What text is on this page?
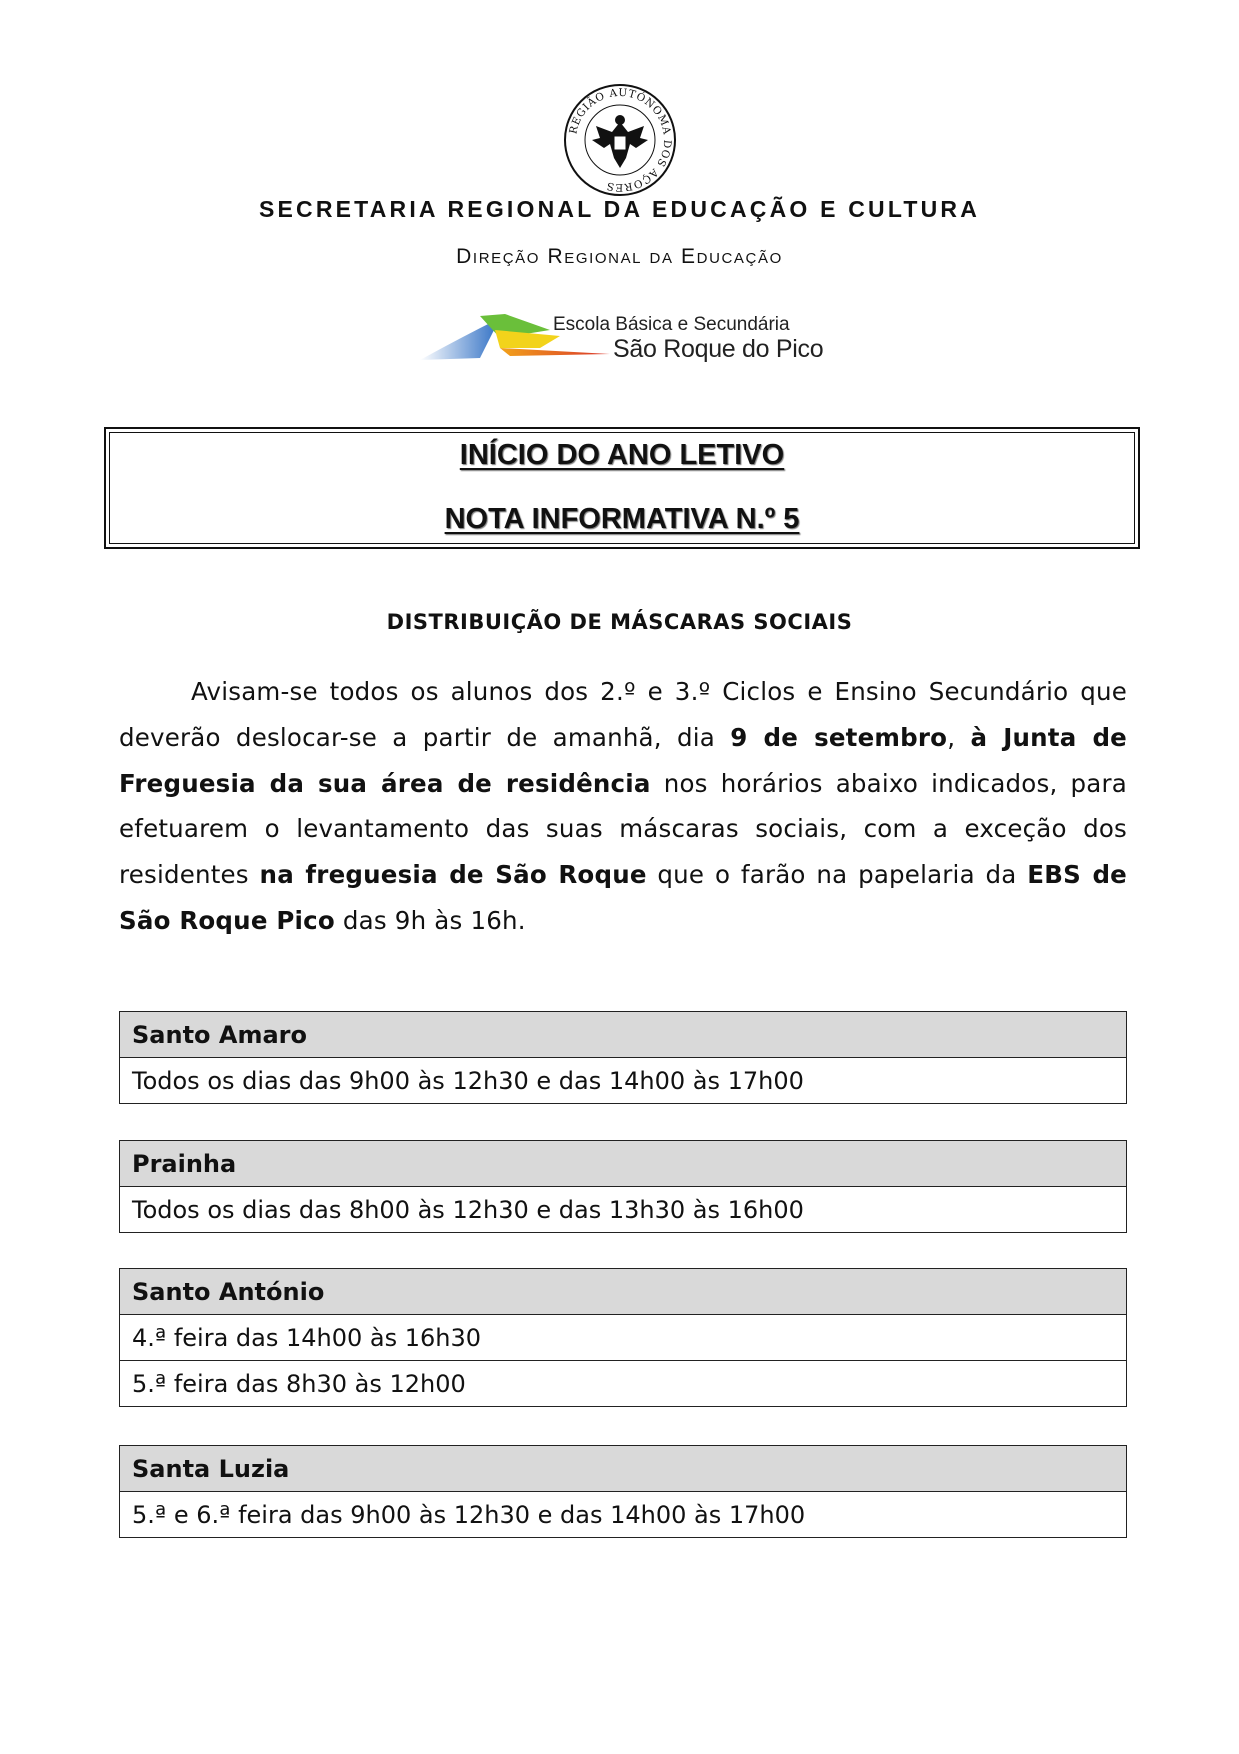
REGIÃO AUTÓNOMA DOS AÇORES
SECRETARIA REGIONAL DA EDUCAÇÃO E CULTURA
Direção Regional da Educação
Escola Básica e Secundária
São Roque do Pico
INÍCIO DO ANO LETIVO
NOTA INFORMATIVA N.º 5
DISTRIBUIÇÃO DE MÁSCARAS SOCIAIS

Avisam-se todos os alunos dos 2.º e 3.º Ciclos e Ensino Secundário que deverão deslocar-se a partir de amanhã, dia 9 de setembro, à Junta de Freguesia da sua área de residência nos horários abaixo indicados, para efetuarem o levantamento das suas máscaras sociais, com a exceção dos residentes na freguesia de São Roque que o farão na papelaria da EBS de São Roque Pico das 9h às 16h.

Santo Amaro
Todos os dias das 9h00 às 12h30 e das 14h00 às 17h00
Prainha
Todos os dias das 8h00 às 12h30 e das 13h30 às 16h00
Santo António
4.ª feira das 14h00 às 16h30
5.ª feira das 8h30 às 12h00
Santa Luzia
5.ª e 6.ª feira das 9h00 às 12h30 e das 14h00 às 17h00
